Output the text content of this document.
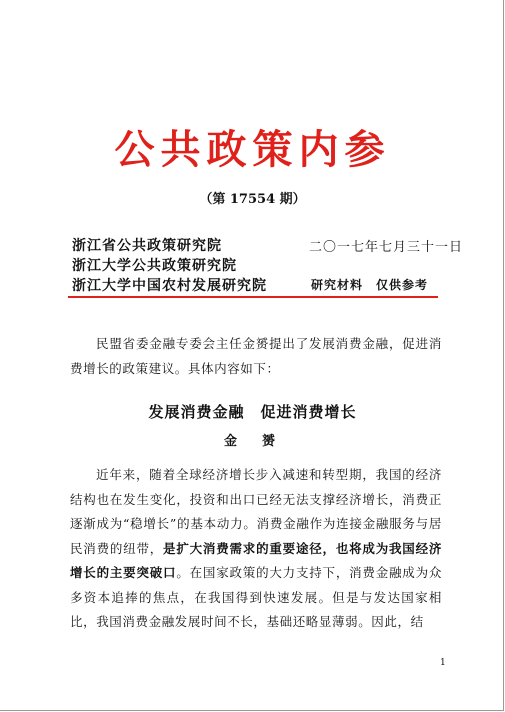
公共政策内参
（第 17554 期）
浙江省公共政策研究院
浙江大学公共政策研究院
浙江大学中国农村发展研究院
二〇一七年七月三十一日
研究材料　仅供参考

民盟省委金融专委会主任金赟提出了发展消费金融，促进消费增长的政策建议。具体内容如下：

发展消费金融　促进消费增长
金　赟

近年来，随着全球经济增长步入减速和转型期，我国的经济结构也在发生变化，投资和出口已经无法支撑经济增长，消费正逐渐成为“稳增长”的基本动力。消费金融作为连接金融服务与居民消费的纽带，是扩大消费需求的重要途径，也将成为我国经济增长的主要突破口。在国家政策的大力支持下，消费金融成为众多资本追捧的焦点，在我国得到快速发展。但是与发达国家相比，我国消费金融发展时间不长，基础还略显薄弱。因此，结

1
